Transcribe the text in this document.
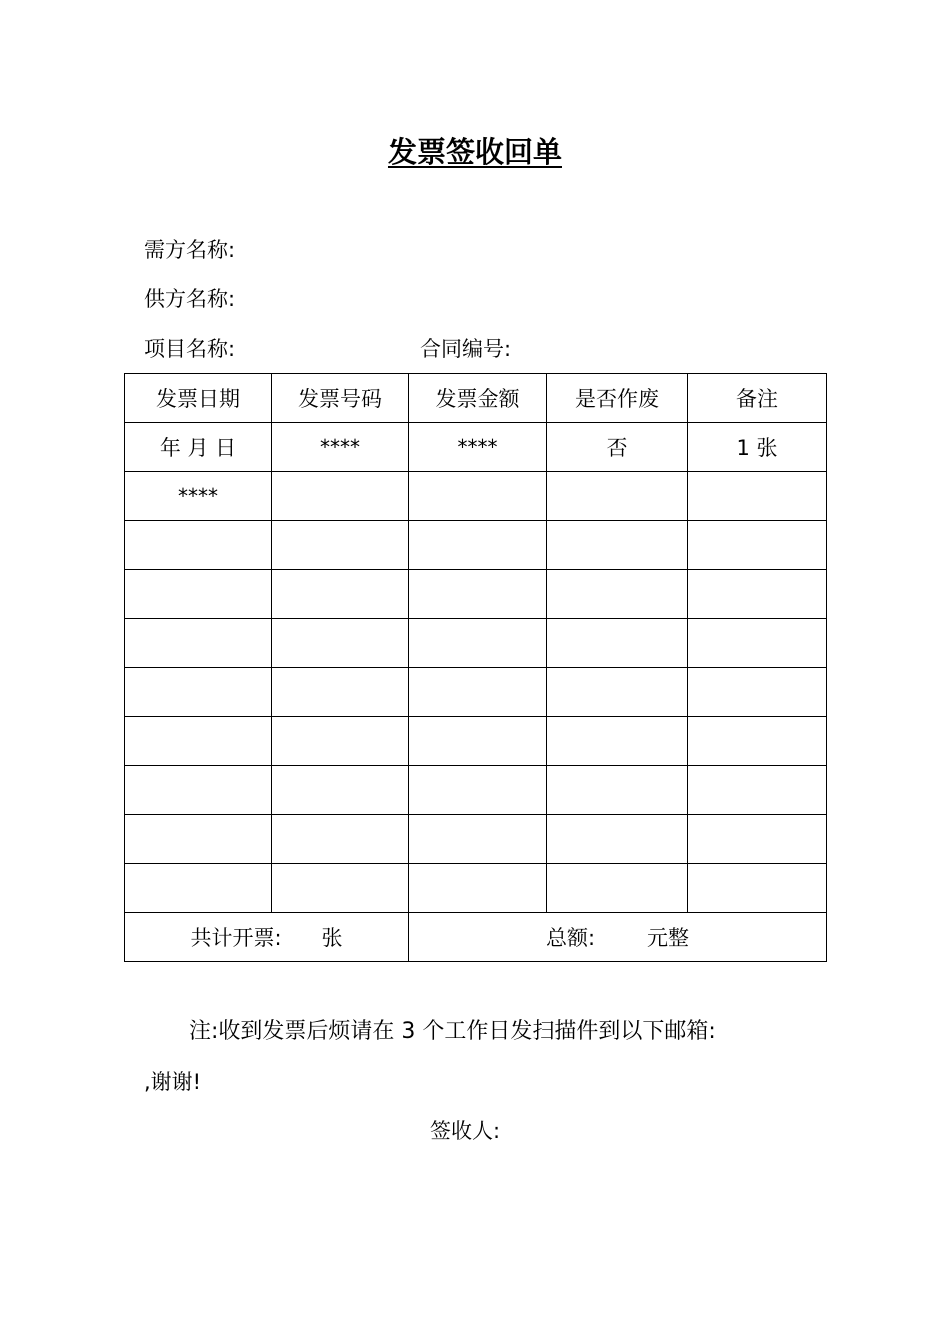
发票签收回单
需方名称:
供方名称:
项目名称:	合同编号:
发票日期	发票号码	发票金额	是否作废	备注
年 月 日	****	****	否	1 张
****				

共计开票: 张		总额: 元整		
注:收到发票后烦请在 3 个工作日发扫描件到以下邮箱:
,谢谢!
签收人:
